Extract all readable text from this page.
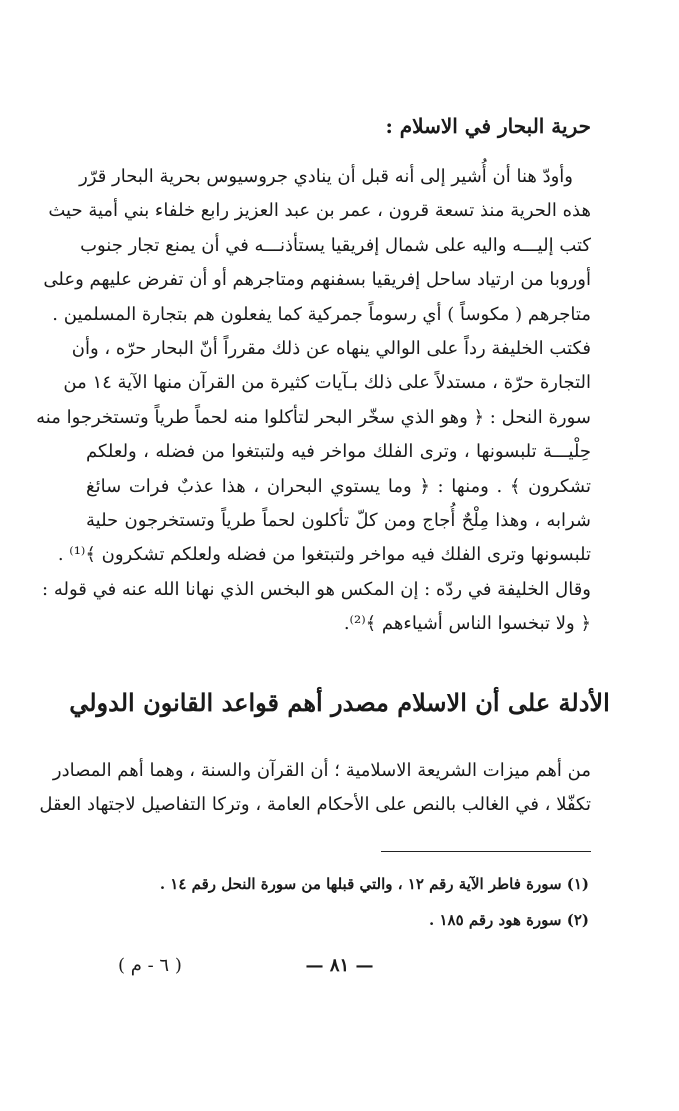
حرية البحار في الاسلام :
وأودّ هنا أن أُشير إلى أنه قبل أن ينادي جروسيوس بحرية البحار قرّر
هذه الحرية منذ تسعة قرون ، عمر بن عبد العزيز رابع خلفاء بني أمية حيث
كتب إليـــه واليه على شمال إفريقيا يستأذنـــه في أن يمنع تجار جنوب
أوروبا من ارتياد ساحل إفريقيا بسفنهم ومتاجرهم أو أن تفرض عليهم وعلى
متاجرهم ( مكوساً ) أي رسوماً جمركية كما يفعلون هم بتجارة المسلمين .
فكتب الخليفة رداً على الوالي ينهاه عن ذلك مقرراً أنّ البحار حرّه ، وأن
التجارة حرّة ، مستدلاً على ذلك بـآيات كثيرة من القرآن منها الآية ١٤ من
سورة النحل : ﴿ وهو الذي سخّر البحر لتأكلوا منه لحماً طرياً وتستخرجوا منه
حِلْيـــة تلبسونها ، وترى الفلك مواخر فيه ولتبتغوا من فضله ، ولعلكم
تشكرون ﴾ . ومنها : ﴿ وما يستوي البحران ، هذا عذبٌ فرات سائغ
شرابه ، وهذا مِلْحٌ أُجاج ومن كلّ تأكلون لحماً طرياً وتستخرجون حلية
تلبسونها وترى الفلك فيه مواخر ولتبتغوا من فضله ولعلكم تشكرون ﴾⁽¹⁾ .
وقال الخليفة في ردّه : إن المكس هو البخس الذي نهانا الله عنه في قوله :
﴿ ولا تبخسوا الناس أشياءهم ﴾⁽²⁾.
الأدلة على أن الاسلام مصدر أهم قواعد القانون الدولي
من أهم ميزات الشريعة الاسلامية ؛ أن القرآن والسنة ، وهما أهم المصادر
تكفّلا ، في الغالب بالنص على الأحكام العامة ، وتركا التفاصيل لاجتهاد العقل
(١) سورة فاطر الآية رقم ١٢ ، والتي قبلها من سورة النحل رقم ١٤ .
(٢) سورة هود رقم ١٨٥ .
— ٨١ —
( ٦ - م )
